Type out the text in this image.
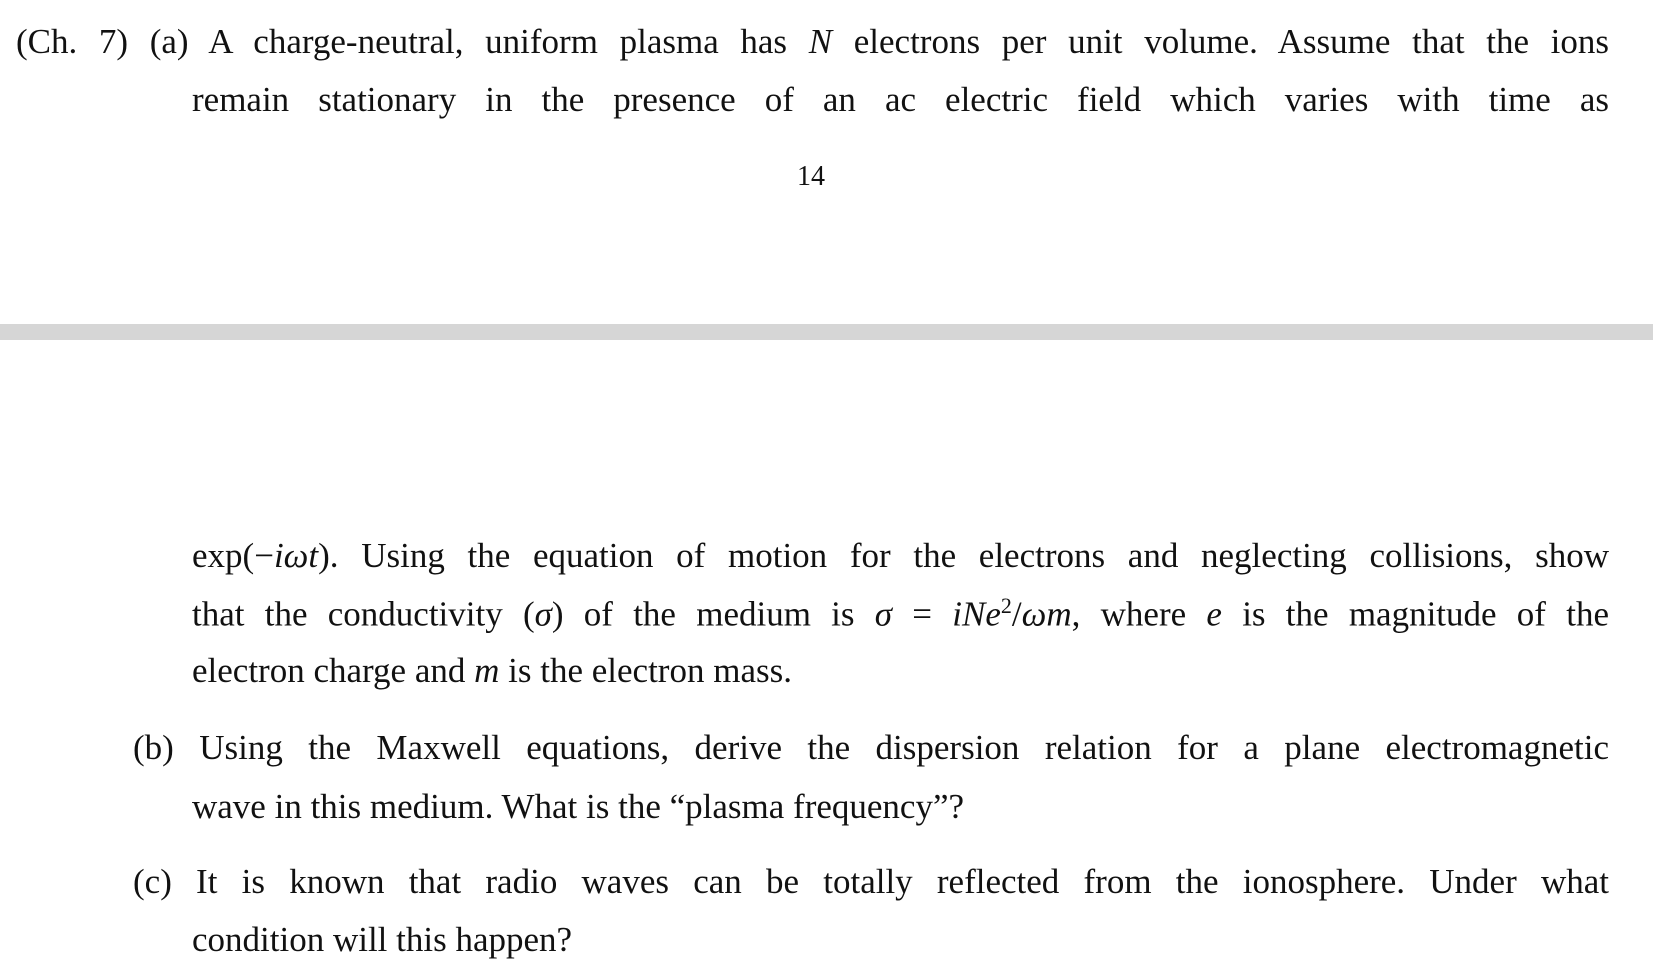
(Ch. 7) (a) A charge-neutral, uniform plasma has N electrons per unit volume. Assume that the ions
remain stationary in the presence of an ac electric field which varies with time as
14
exp(−iωt). Using the equation of motion for the electrons and neglecting collisions, show
that the conductivity (σ) of the medium is σ = iNe$^2$/ωm, where e is the magnitude of the
electron charge and m is the electron mass.
(b) Using the Maxwell equations, derive the dispersion relation for a plane electromagnetic
wave in this medium. What is the “plasma frequency”?
(c) It is known that radio waves can be totally reflected from the ionosphere. Under what
condition will this happen?
